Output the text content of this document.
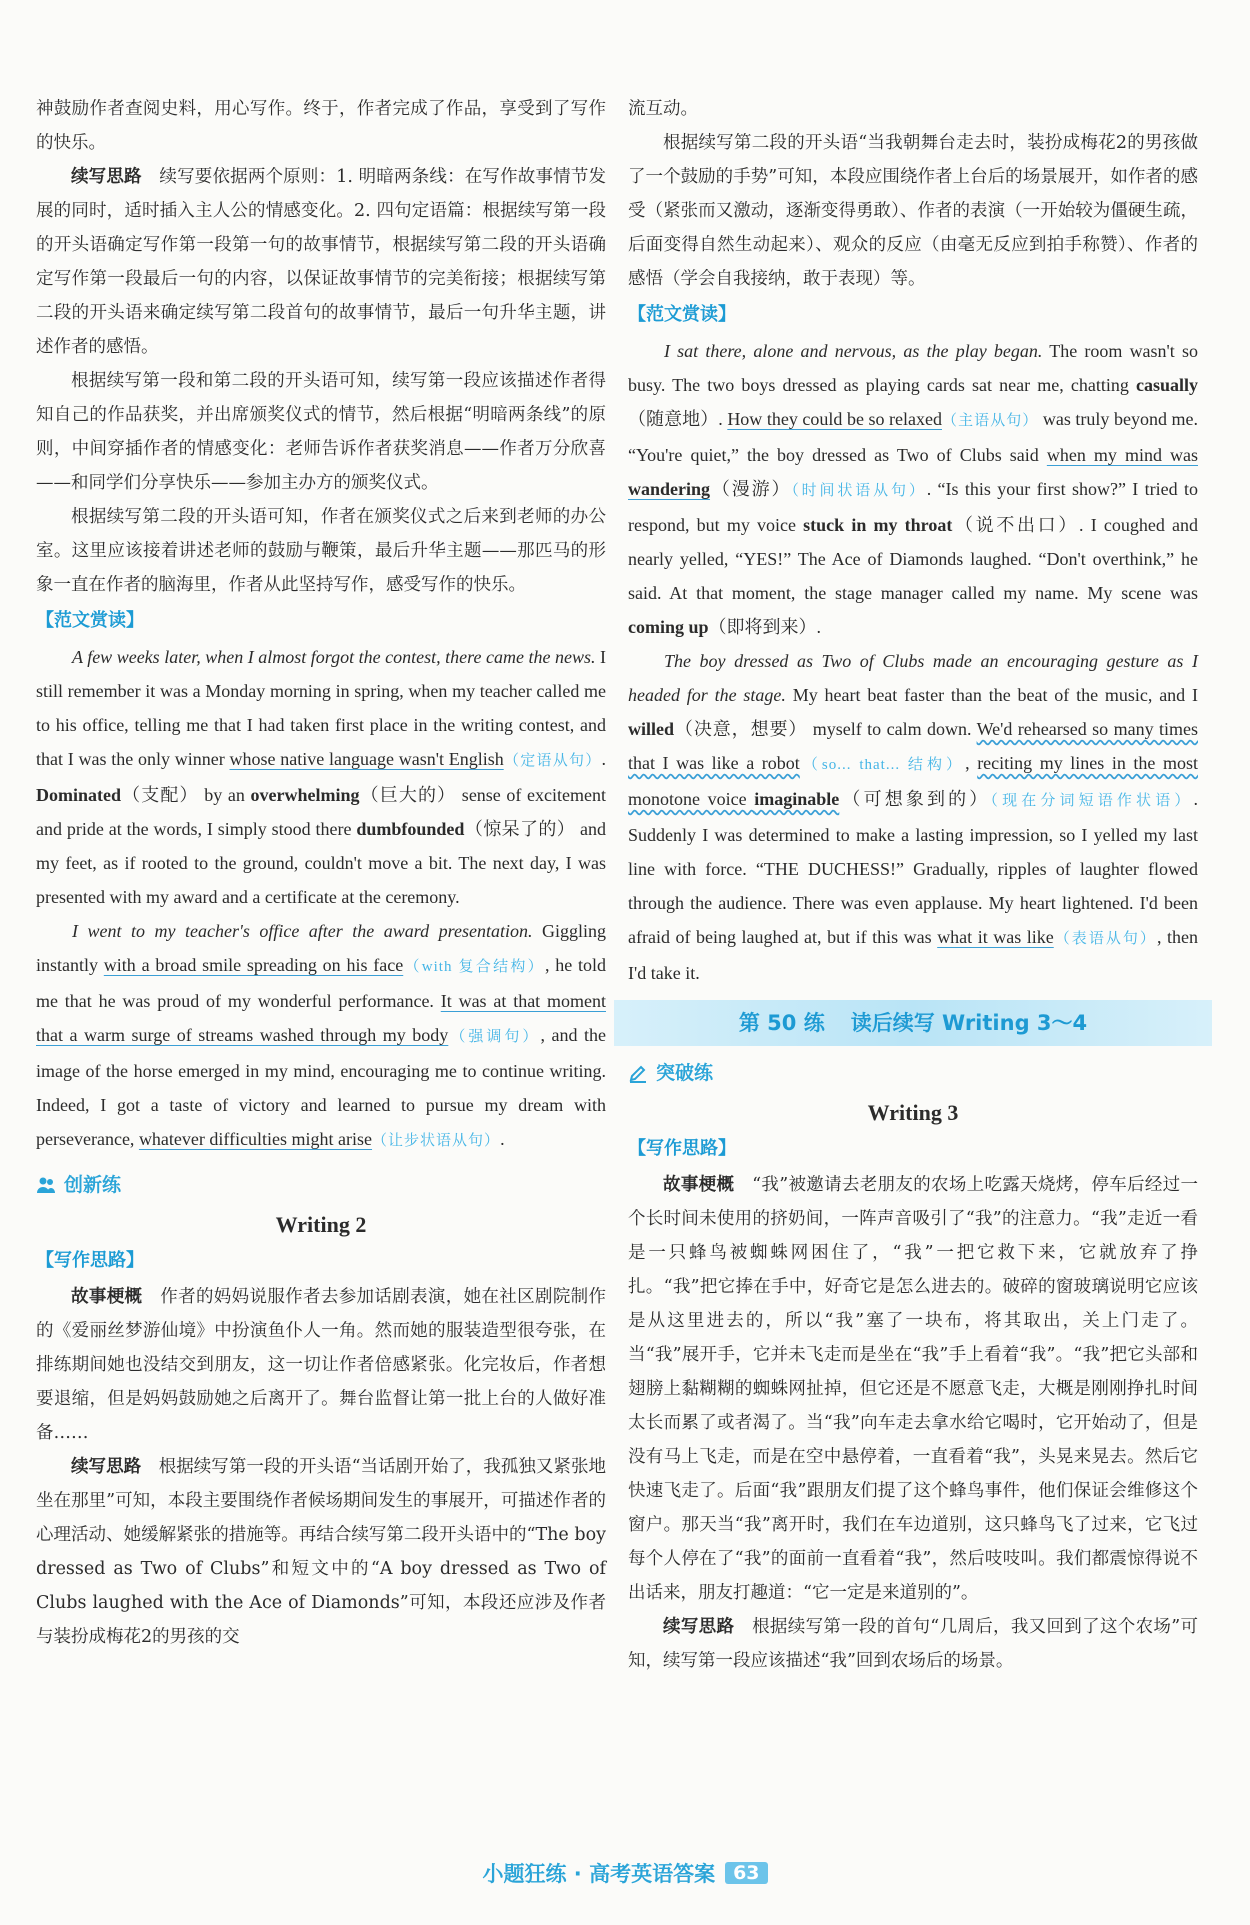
神鼓励作者查阅史料，用心写作。终于，作者完成了作品，享受到了写作的快乐。

续写思路　 续写要依据两个原则：1. 明暗两条线：在写作故事情节发展的同时，适时插入主人公的情感变化。2. 四句定语篇：根据续写第一段的开头语确定写作第一段第一句的故事情节，根据续写第二段的开头语确定写作第一段最后一句的内容，以保证故事情节的完美衔接；根据续写第二段的开头语来确定续写第二段首句的故事情节，最后一句升华主题，讲述作者的感悟。

根据续写第一段和第二段的开头语可知，续写第一段应该描述作者得知自己的作品获奖，并出席颁奖仪式的情节，然后根据“明暗两条线”的原则，中间穿插作者的情感变化：老师告诉作者获奖消息——作者万分欣喜——和同学们分享快乐——参加主办方的颁奖仪式。

根据续写第二段的开头语可知，作者在颁奖仪式之后来到老师的办公室。这里应该接着讲述老师的鼓励与鞭策，最后升华主题——那匹马的形象一直在作者的脑海里，作者从此坚持写作，感受写作的快乐。

【范文赏读】

A few weeks later, when I almost forgot the contest, there came the news. I still remember it was a Monday morning in spring, when my teacher called me to his office, telling me that I had taken first place in the writing contest, and that I was the only winner whose native language wasn't English（定语从句）. Dominated（支配） by an overwhelming（巨大的） sense of excitement and pride at the words, I simply stood there dumbfounded（惊呆了的） and my feet, as if rooted to the ground, couldn't move a bit. The next day, I was presented with my award and a certificate at the ceremony.

I went to my teacher's office after the award presentation. Giggling instantly with a broad smile spreading on his face（with 复合结构）, he told me that he was proud of my wonderful performance. It was at that moment that a warm surge of streams washed through my body（强调句）, and the image of the horse emerged in my mind, encouraging me to continue writing. Indeed, I got a taste of victory and learned to pursue my dream with perseverance, whatever difficulties might arise（让步状语从句）.

创新练
Writing 2
【写作思路】

故事梗概　 作者的妈妈说服作者去参加话剧表演，她在社区剧院制作的《爱丽丝梦游仙境》中扮演鱼仆人一角。然而她的服装造型很夸张，在排练期间她也没结交到朋友，这一切让作者倍感紧张。化完妆后，作者想要退缩，但是妈妈鼓励她之后离开了。舞台监督让第一批上台的人做好准备……

续写思路　 根据续写第一段的开头语“当话剧开始了，我孤独又紧张地坐在那里”可知，本段主要围绕作者候场期间发生的事展开，可描述作者的心理活动、她缓解紧张的措施等。再结合续写第二段开头语中的“The boy dressed as Two of Clubs”和短文中的“A boy dressed as Two of Clubs laughed with the Ace of Diamonds”可知，本段还应涉及作者与装扮成梅花2的男孩的交

流互动。

根据续写第二段的开头语“当我朝舞台走去时，装扮成梅花2的男孩做了一个鼓励的手势”可知，本段应围绕作者上台后的场景展开，如作者的感受（紧张而又激动，逐渐变得勇敢）、作者的表演（一开始较为僵硬生疏，后面变得自然生动起来）、观众的反应（由毫无反应到拍手称赞）、作者的感悟（学会自我接纳，敢于表现）等。

【范文赏读】

I sat there, alone and nervous, as the play began. The room wasn't so busy. The two boys dressed as playing cards sat near me, chatting casually（随意地）. How they could be so relaxed（主语从句） was truly beyond me. “You're quiet,” the boy dressed as Two of Clubs said when my mind was wandering（漫游）（时间状语从句）. “Is this your first show?” I tried to respond, but my voice stuck in my throat（说不出口）. I coughed and nearly yelled, “YES!” The Ace of Diamonds laughed. “Don't overthink,” he said. At that moment, the stage manager called my name. My scene was coming up（即将到来）.

The boy dressed as Two of Clubs made an encouraging gesture as I headed for the stage. My heart beat faster than the beat of the music, and I willed（决意，想要） myself to calm down. We'd rehearsed so many times that I was like a robot（so... that... 结构）, reciting my lines in the most monotone voice imaginable（可想象到的）（现在分词短语作状语）. Suddenly I was determined to make a lasting impression, so I yelled my last line with force. “THE DUCHESS!” Gradually, ripples of laughter flowed through the audience. There was even applause. My heart lightened. I'd been afraid of being laughed at, but if this was what it was like（表语从句）, then I'd take it.

第 50 练 读后续写 Writing 3～4
突破练
Writing 3
【写作思路】

故事梗概　 “我”被邀请去老朋友的农场上吃露天烧烤，停车后经过一个长时间未使用的挤奶间，一阵声音吸引了“我”的注意力。“我”走近一看是一只蜂鸟被蜘蛛网困住了，“我”一把它救下来，它就放弃了挣扎。“我”把它捧在手中，好奇它是怎么进去的。破碎的窗玻璃说明它应该是从这里进去的，所以“我”塞了一块布，将其取出，关上门走了。当“我”展开手，它并未飞走而是坐在“我”手上看着“我”。“我”把它头部和翅膀上黏糊糊的蜘蛛网扯掉，但它还是不愿意飞走，大概是刚刚挣扎时间太长而累了或者渴了。当“我”向车走去拿水给它喝时，它开始动了，但是没有马上飞走，而是在空中悬停着，一直看着“我”，头晃来晃去。然后它快速飞走了。后面“我”跟朋友们提了这个蜂鸟事件，他们保证会维修这个窗户。那天当“我”离开时，我们在车边道别，这只蜂鸟飞了过来，它飞过每个人停在了“我”的面前一直看着“我”，然后吱吱叫。我们都震惊得说不出话来，朋友打趣道：“它一定是来道别的”。

续写思路　 根据续写第一段的首句“几周后，我又回到了这个农场”可知，续写第一段应该描述“我”回到农场后的场景。

小题狂练 · 高考英语答案 63
